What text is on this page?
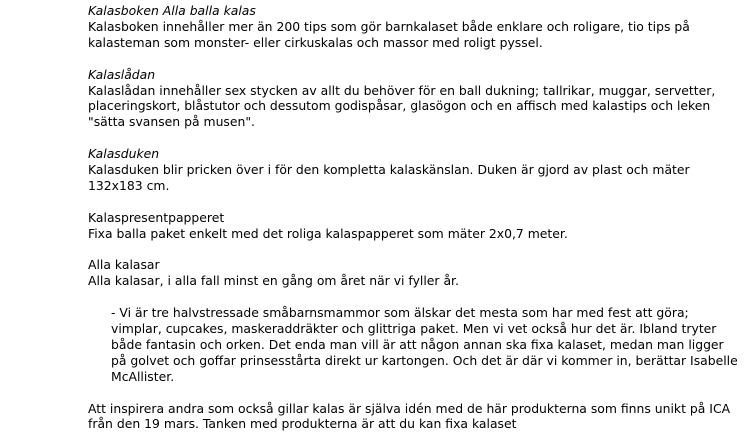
Kalasboken Alla balla kalas

Kalasboken innehåller mer än 200 tips som gör barnkalaset både enklare och roligare, tio tips på kalasteman som monster- eller cirkuskalas och massor med roligt pyssel.

Kalaslådan

Kalaslådan innehåller sex stycken av allt du behöver för en ball dukning; tallrikar, muggar, servetter, placeringskort, blåstutor och dessutom godispåsar, glasögon och en affisch med kalastips och leken "sätta svansen på musen".

Kalasduken

Kalasduken blir pricken över i för den kompletta kalaskänslan. Duken är gjord av plast och mäter 132x183 cm.

Kalaspresentpapperet

Fixa balla paket enkelt med det roliga kalaspapperet som mäter 2x0,7 meter.

Alla kalasar

Alla kalasar, i alla fall minst en gång om året när vi fyller år.

- Vi är tre halvstressade småbarnsmammor som älskar det mesta som har med fest att göra; vimplar, cupcakes, maskeraddräkter och glittriga paket. Men vi vet också hur det är. Ibland tryter både fantasin och orken. Det enda man vill är att någon annan ska fixa kalaset, medan man ligger på golvet och goffar prinsesstårta direkt ur kartongen. Och det är där vi kommer in, berättar Isabelle McAllister.

Att inspirera andra som också gillar kalas är själva idén med de här produkterna som finns unikt på ICA från den 19 mars. Tanken med produkterna är att du kan fixa kalaset
